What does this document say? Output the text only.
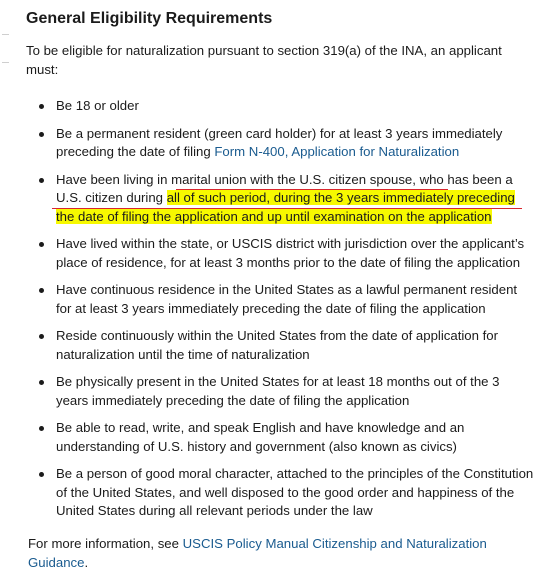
General Eligibility Requirements

To be eligible for naturalization pursuant to section 319(a) of the INA, an applicant must:

Be 18 or older
Be a permanent resident (green card holder) for at least 3 years immediately preceding the date of filing Form N-400, Application for Naturalization
Have been living in marital union with the U.S. citizen spouse, who has been a U.S. citizen during all of such period, during the 3 years immediately preceding the date of filing the application and up until examination on the application
Have lived within the state, or USCIS district with jurisdiction over the applicant’s place of residence, for at least 3 months prior to the date of filing the application
Have continuous residence in the United States as a lawful permanent resident for at least 3 years immediately preceding the date of filing the application
Reside continuously within the United States from the date of application for naturalization until the time of naturalization
Be physically present in the United States for at least 18 months out of the 3 years immediately preceding the date of filing the application
Be able to read, write, and speak English and have knowledge and an understanding of U.S. history and government (also known as civics)
Be a person of good moral character, attached to the principles of the Constitution of the United States, and well disposed to the good order and happiness of the United States during all relevant periods under the law

For more information, see USCIS Policy Manual Citizenship and Naturalization Guidance.
